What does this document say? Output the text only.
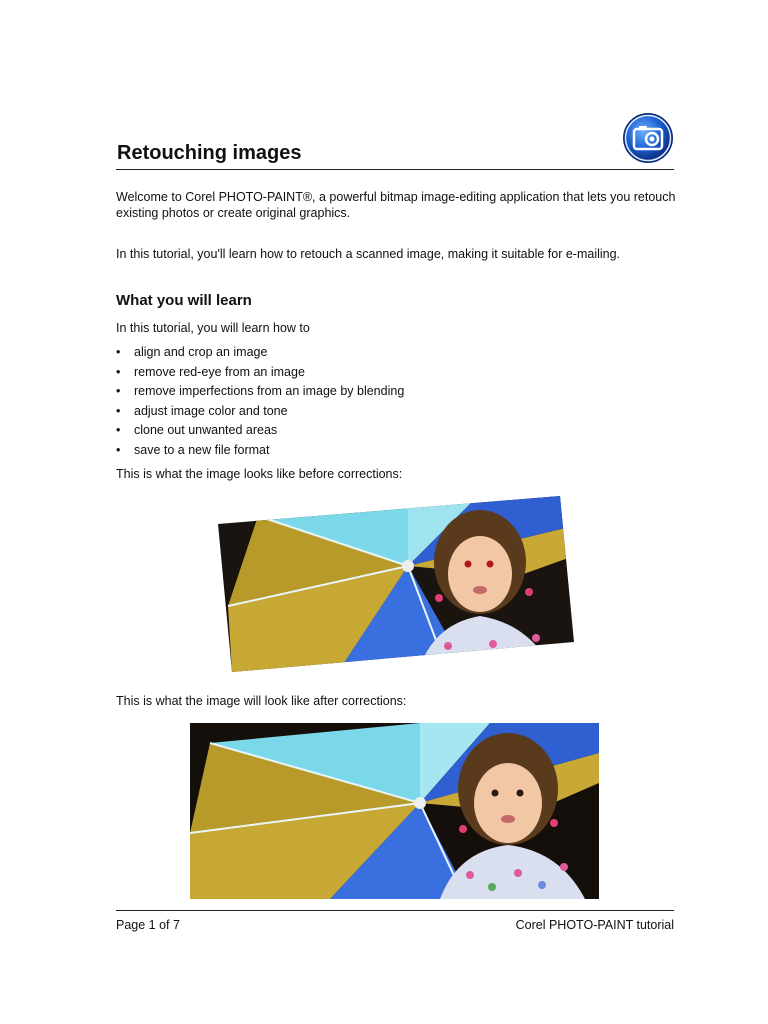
Retouching images

Welcome to Corel PHOTO-PAINT®, a powerful bitmap image-editing application that lets you retouch existing photos or create original graphics.

In this tutorial, you'll learn how to retouch a scanned image, making it suitable for e-mailing.

What you will learn

In this tutorial, you will learn how to

• align and crop an image
• remove red-eye from an image
• remove imperfections from an image by blending
• adjust image color and tone
• clone out unwanted areas
• save to a new file format

This is what the image looks like before corrections:

This is what the image will look like after corrections:

Page 1 of 7	Corel PHOTO-PAINT tutorial
